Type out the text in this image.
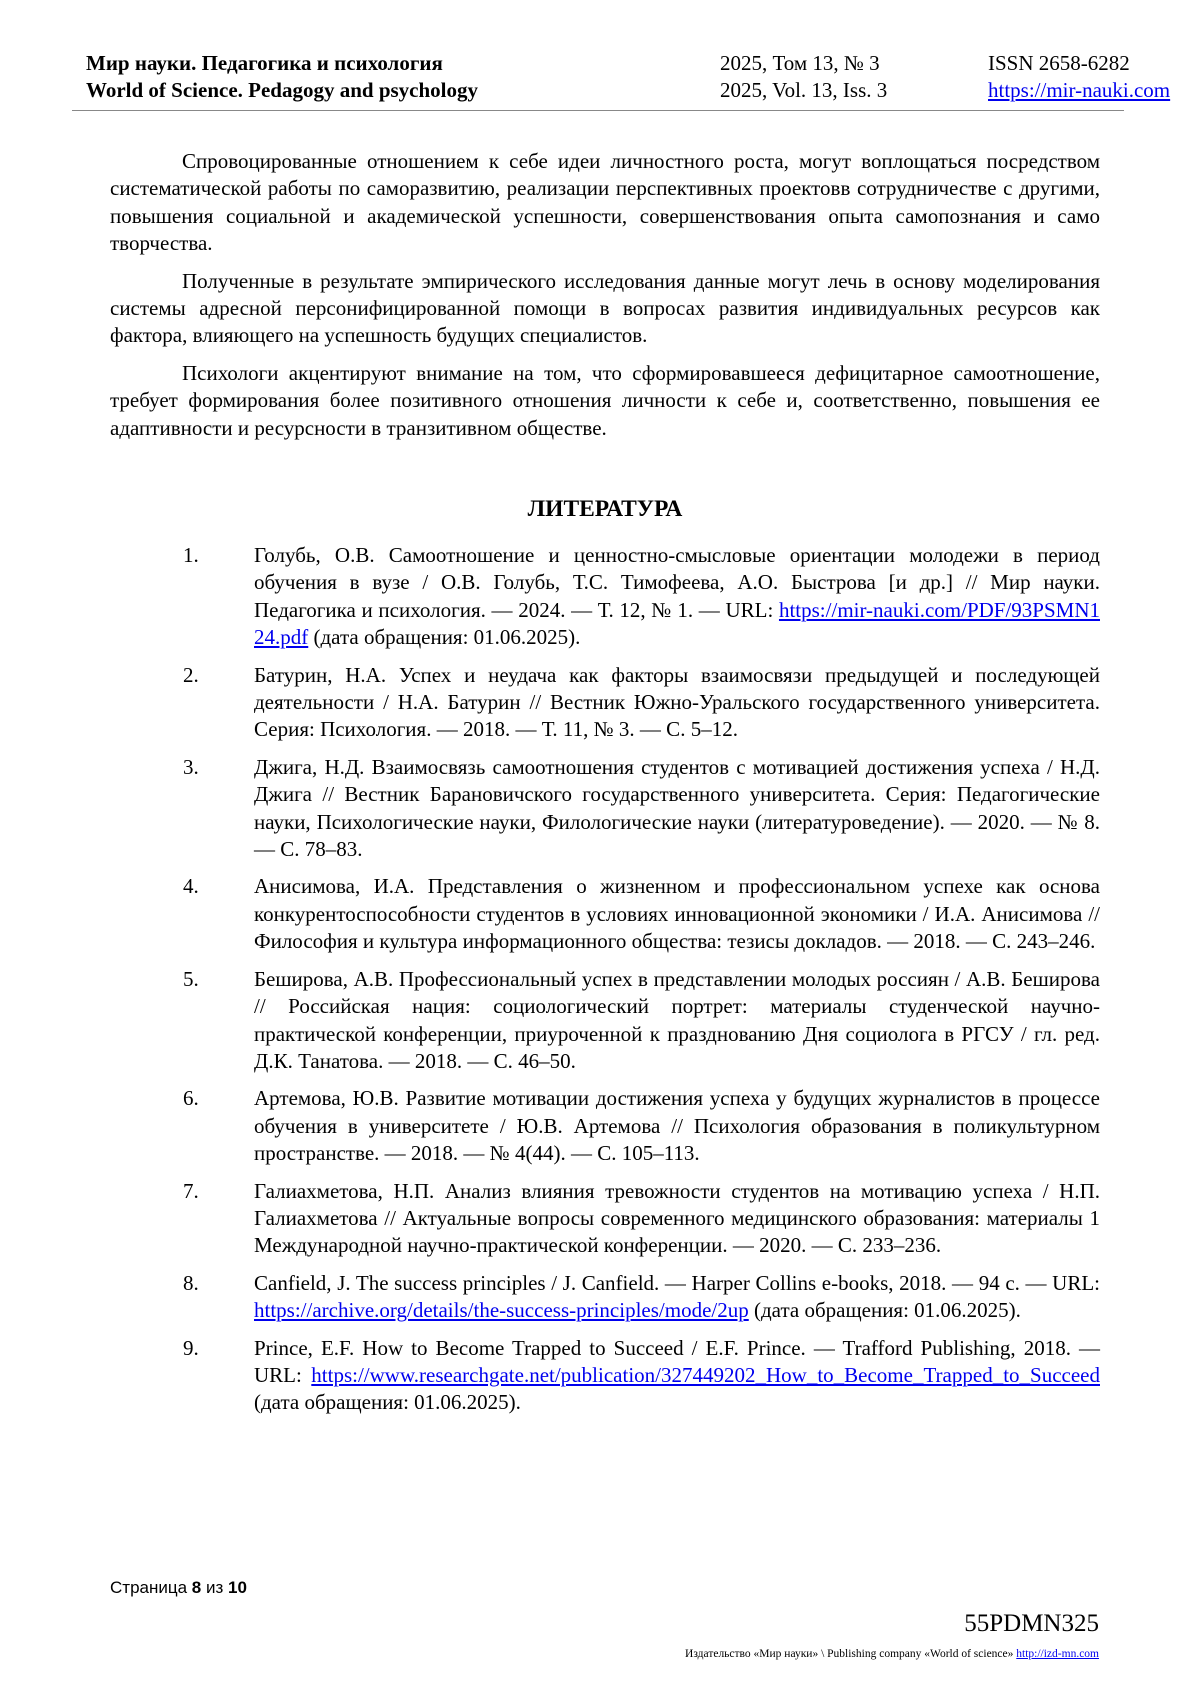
Мир науки. Педагогика и психология
World of Science. Pedagogy and psychology
2025, Том 13, № 3
2025, Vol. 13, Iss. 3
ISSN 2658-6282
https://mir-nauki.com

Спровоцированные отношением к себе идеи личностного роста, могут воплощаться посредством систематической работы по саморазвитию, реализации перспективных проектовв сотрудничестве с другими, повышения социальной и академической успешности, совершенствования опыта самопознания и само творчества.

Полученные в результате эмпирического исследования данные могут лечь в основу моделирования системы адресной персонифицированной помощи в вопросах развития индивидуальных ресурсов как фактора, влияющего на успешность будущих специалистов.

Психологи акцентируют внимание на том, что сформировавшееся дефицитарное самоотношение, требует формирования более позитивного отношения личности к себе и, соответственно, повышения ее адаптивности и ресурсности в транзитивном обществе.

ЛИТЕРАТУРА
1.	Голубь, О.В. Самоотношение и ценностно-смысловые ориентации молодежи в период обучения в вузе / О.В. Голубь, Т.С. Тимофеева, А.О. Быстрова [и др.] // Мир науки. Педагогика и психология. — 2024. — Т. 12, № 1. — URL: https://mir-nauki.com/PDF/93PSMN124.pdf (дата обращения: 01.06.2025).
2.	Батурин, Н.А. Успех и неудача как факторы взаимосвязи предыдущей и последующей деятельности / Н.А. Батурин // Вестник Южно-Уральского государственного университета. Серия: Психология. — 2018. — Т. 11, № 3. — С. 5–12.
3.	Джига, Н.Д. Взаимосвязь самоотношения студентов с мотивацией достижения успеха / Н.Д. Джига // Вестник Барановичского государственного университета. Серия: Педагогические науки, Психологические науки, Филологические науки (литературоведение). — 2020. — № 8. — С. 78–83.
4.	Анисимова, И.А. Представления о жизненном и профессиональном успехе как основа конкурентоспособности студентов в условиях инновационной экономики / И.А. Анисимова // Философия и культура информационного общества: тезисы докладов. — 2018. — С. 243–246.
5.	Беширова, А.В. Профессиональный успех в представлении молодых россиян / А.В. Беширова // Российская нация: социологический портрет: материалы студенческой научно-практической конференции, приуроченной к празднованию Дня социолога в РГСУ / гл. ред. Д.К. Танатова. — 2018. — С. 46–50.
6.	Артемова, Ю.В. Развитие мотивации достижения успеха у будущих журналистов в процессе обучения в университете / Ю.В. Артемова // Психология образования в поликультурном пространстве. — 2018. — № 4(44). — С. 105–113.
7.	Галиахметова, Н.П. Анализ влияния тревожности студентов на мотивацию успеха / Н.П. Галиахметова // Актуальные вопросы современного медицинского образования: материалы 1 Международной научно-практической конференции. — 2020. — С. 233–236.
8.	Canfield, J. The success principles / J. Canfield. — Harper Collins e-books, 2018. — 94 с. — URL: https://archive.org/details/the-success-principles/mode/2up (дата обращения: 01.06.2025).
9.	Prince, E.F. How to Become Trapped to Succeed / E.F. Prince. — Trafford Publishing, 2018. — URL: https://www.researchgate.net/publication/327449202_How_to_Become_Trapped_to_Succeed (дата обращения: 01.06.2025).
Страница 8 из 10
55PDMN325
Издательство «Мир науки» \ Publishing company «World of science» http://izd-mn.com
